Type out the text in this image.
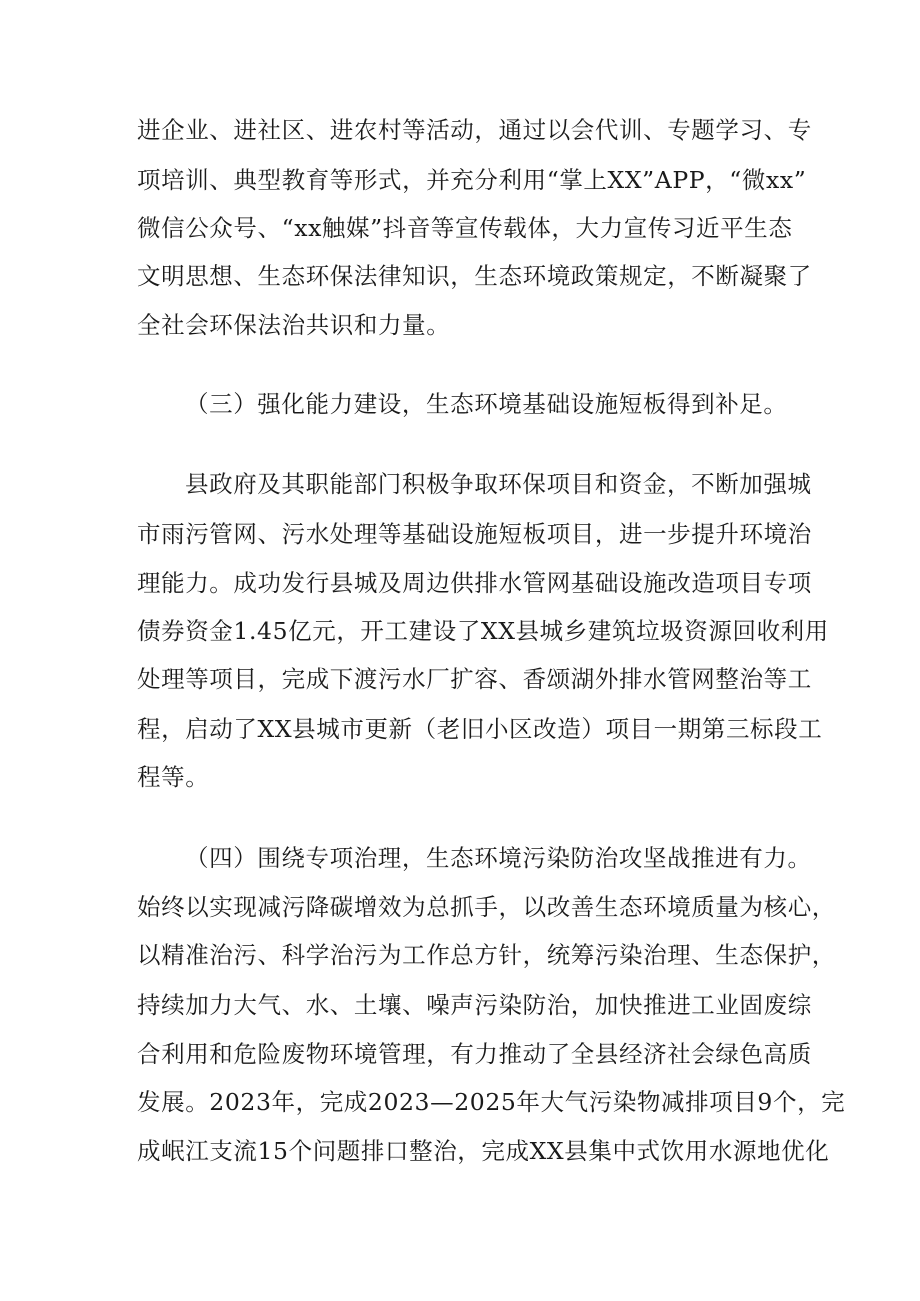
进企业、进社区、进农村等活动，通过以会代训、专题学习、专
项培训、典型教育等形式，并充分利用“掌上XX”APP，“微xx”
微信公众号、“xx触媒”抖音等宣传载体，大力宣传习近平生态
文明思想、生态环保法律知识，生态环境政策规定，不断凝聚了
全社会环保法治共识和力量。
（三）强化能力建设，生态环境基础设施短板得到补足。
县政府及其职能部门积极争取环保项目和资金，不断加强城
市雨污管网、污水处理等基础设施短板项目，进一步提升环境治
理能力。成功发行县城及周边供排水管网基础设施改造项目专项
债券资金1.45亿元，开工建设了XX县城乡建筑垃圾资源回收利用
处理等项目，完成下渡污水厂扩容、香颂湖外排水管网整治等工
程，启动了XX县城市更新（老旧小区改造）项目一期第三标段工
程等。
（四）围绕专项治理，生态环境污染防治攻坚战推进有力。
始终以实现减污降碳增效为总抓手，以改善生态环境质量为核心，
以精准治污、科学治污为工作总方针，统筹污染治理、生态保护，
持续加力大气、水、土壤、噪声污染防治，加快推进工业固废综
合利用和危险废物环境管理，有力推动了全县经济社会绿色高质
发展。2023年，完成2023—2025年大气污染物减排项目9个，完
成岷江支流15个问题排口整治，完成XX县集中式饮用水源地优化
